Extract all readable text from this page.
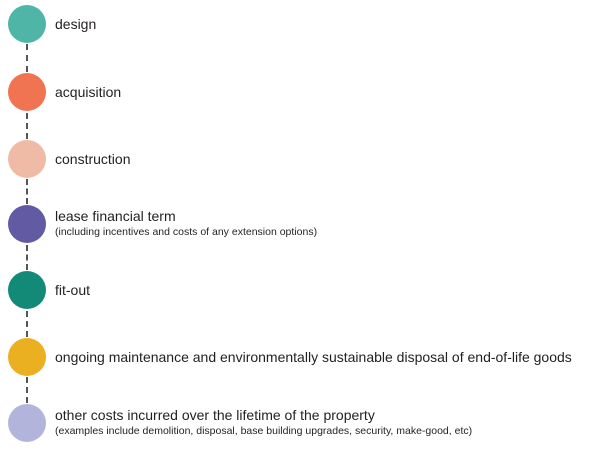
design
acquisition
construction
lease financial term
(including incentives and costs of any extension options)
fit-out
ongoing maintenance and environmentally sustainable disposal of end-of-life goods
other costs incurred over the lifetime of the property
(examples include demolition, disposal, base building upgrades, security, make-good, etc)
